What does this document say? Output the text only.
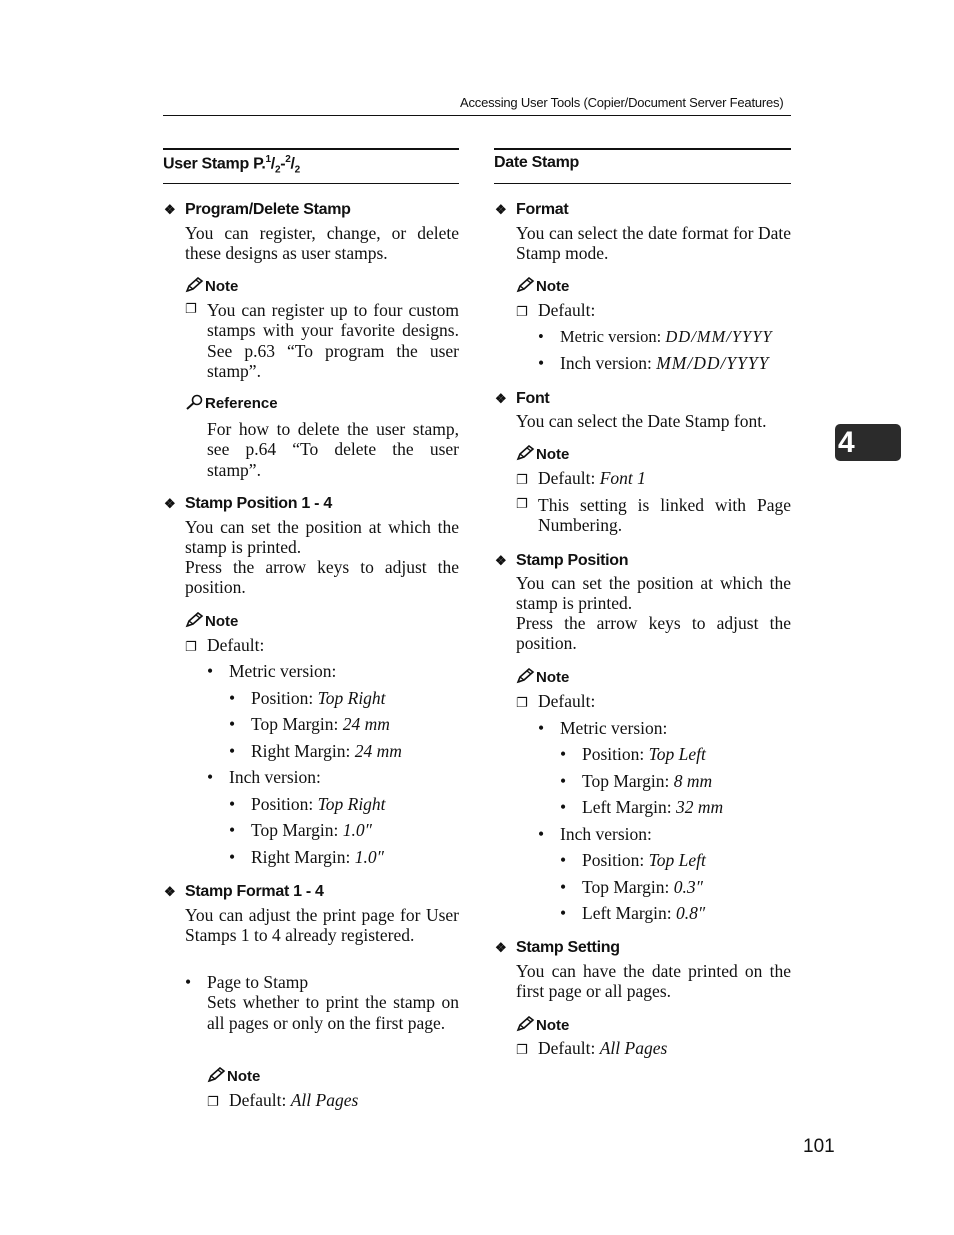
Accessing User Tools (Copier/Document Server Features)
User Stamp $P.^1/_2-^2/_2$
❖ Program/Delete Stamp
You can register, change, or delete these designs as user stamps.
Note
❐ You can register up to four custom stamps with your favorite designs. See p.63 “To program the user stamp”.
Reference
For how to delete the user stamp, see p.64 “To delete the user stamp”.
❖ Stamp Position 1 - 4
You can set the position at which the stamp is printed.
Press the arrow keys to adjust the position.
Note
❐ Default:
• Metric version:
• Position: Top Right
• Top Margin: 24 mm
• Right Margin: 24 mm
• Inch version:
• Position: Top Right
• Top Margin: 1.0″
• Right Margin: 1.0″
❖ Stamp Format 1 - 4
You can adjust the print page for User Stamps 1 to 4 already registered.
• Page to Stamp
Sets whether to print the stamp on all pages or only on the first page.
Note
❐ Default: All Pages
Date Stamp
❖ Format
You can select the date format for Date Stamp mode.
Note
❐ Default:
• Metric version: DD/MM/YYYY
• Inch version: MM/DD/YYYY
❖ Font
You can select the Date Stamp font.
Note
❐ Default: Font 1
❐ This setting is linked with Page Numbering.
❖ Stamp Position
You can set the position at which the stamp is printed.
Press the arrow keys to adjust the position.
Note
❐ Default:
• Metric version:
• Position: Top Left
• Top Margin: 8 mm
• Left Margin: 32 mm
• Inch version:
• Position: Top Left
• Top Margin: 0.3″
• Left Margin: 0.8″
❖ Stamp Setting
You can have the date printed on the first page or all pages.
Note
❐ Default: All Pages
4
101
